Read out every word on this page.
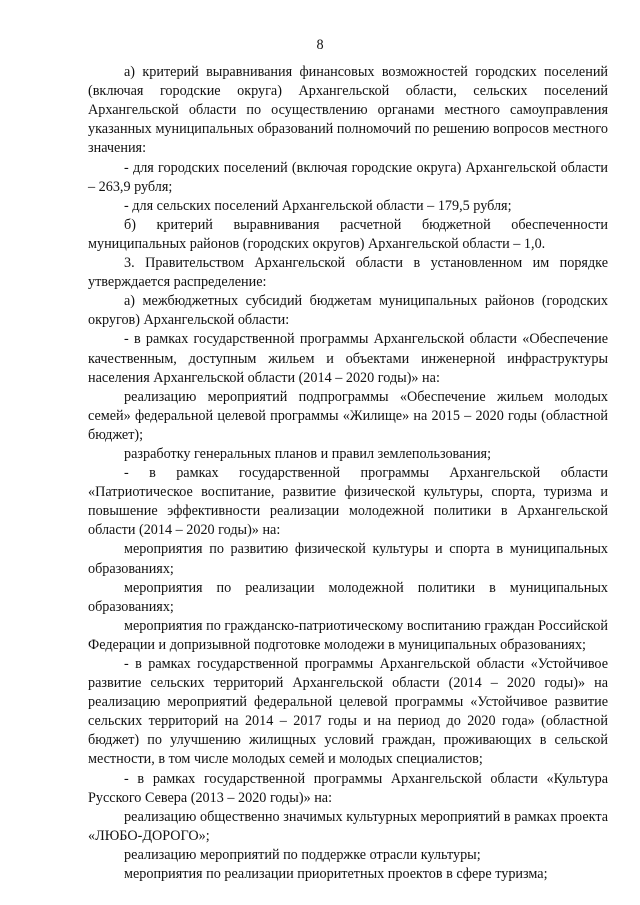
8

а) критерий выравнивания финансовых возможностей городских поселений (включая городские округа) Архангельской области, сельских поселений Архангельской области по осуществлению органами местного самоуправления указанных муниципальных образований полномочий по решению вопросов местного значения:

- для городских поселений (включая городские округа) Архангельской области – 263,9 рубля;

- для сельских поселений Архангельской области – 179,5 рубля;

б) критерий выравнивания расчетной бюджетной обеспеченности муниципальных районов (городских округов) Архангельской области – 1,0.

3. Правительством Архангельской области в установленном им порядке утверждается распределение:

а) межбюджетных субсидий бюджетам муниципальных районов (городских округов) Архангельской области:

- в рамках государственной программы Архангельской области «Обеспечение качественным, доступным жильем и объектами инженерной инфраструктуры населения Архангельской области (2014 – 2020 годы)» на:

реализацию мероприятий подпрограммы «Обеспечение жильем молодых семей» федеральной целевой программы «Жилище» на 2015 – 2020 годы (областной бюджет);

разработку генеральных планов и правил землепользования;

- в рамках государственной программы Архангельской области «Патриотическое воспитание, развитие физической культуры, спорта, туризма и повышение эффективности реализации молодежной политики в Архангельской области (2014 – 2020 годы)» на:

мероприятия по развитию физической культуры и спорта в муниципальных образованиях;

мероприятия по реализации молодежной политики в муниципальных образованиях;

мероприятия по гражданско-патриотическому воспитанию граждан Российской Федерации и допризывной подготовке молодежи в муниципальных образованиях;

- в рамках государственной программы Архангельской области «Устойчивое развитие сельских территорий Архангельской области (2014 – 2020 годы)» на реализацию мероприятий федеральной целевой программы «Устойчивое развитие сельских территорий на 2014 – 2017 годы и на период до 2020 года» (областной бюджет) по улучшению жилищных условий граждан, проживающих в сельской местности, в том числе молодых семей и молодых специалистов;

- в рамках государственной программы Архангельской области «Культура Русского Севера (2013 – 2020 годы)» на:

реализацию общественно значимых культурных мероприятий в рамках проекта «ЛЮБО-ДОРОГО»;

реализацию мероприятий по поддержке отрасли культуры;

мероприятия по реализации приоритетных проектов в сфере туризма;
